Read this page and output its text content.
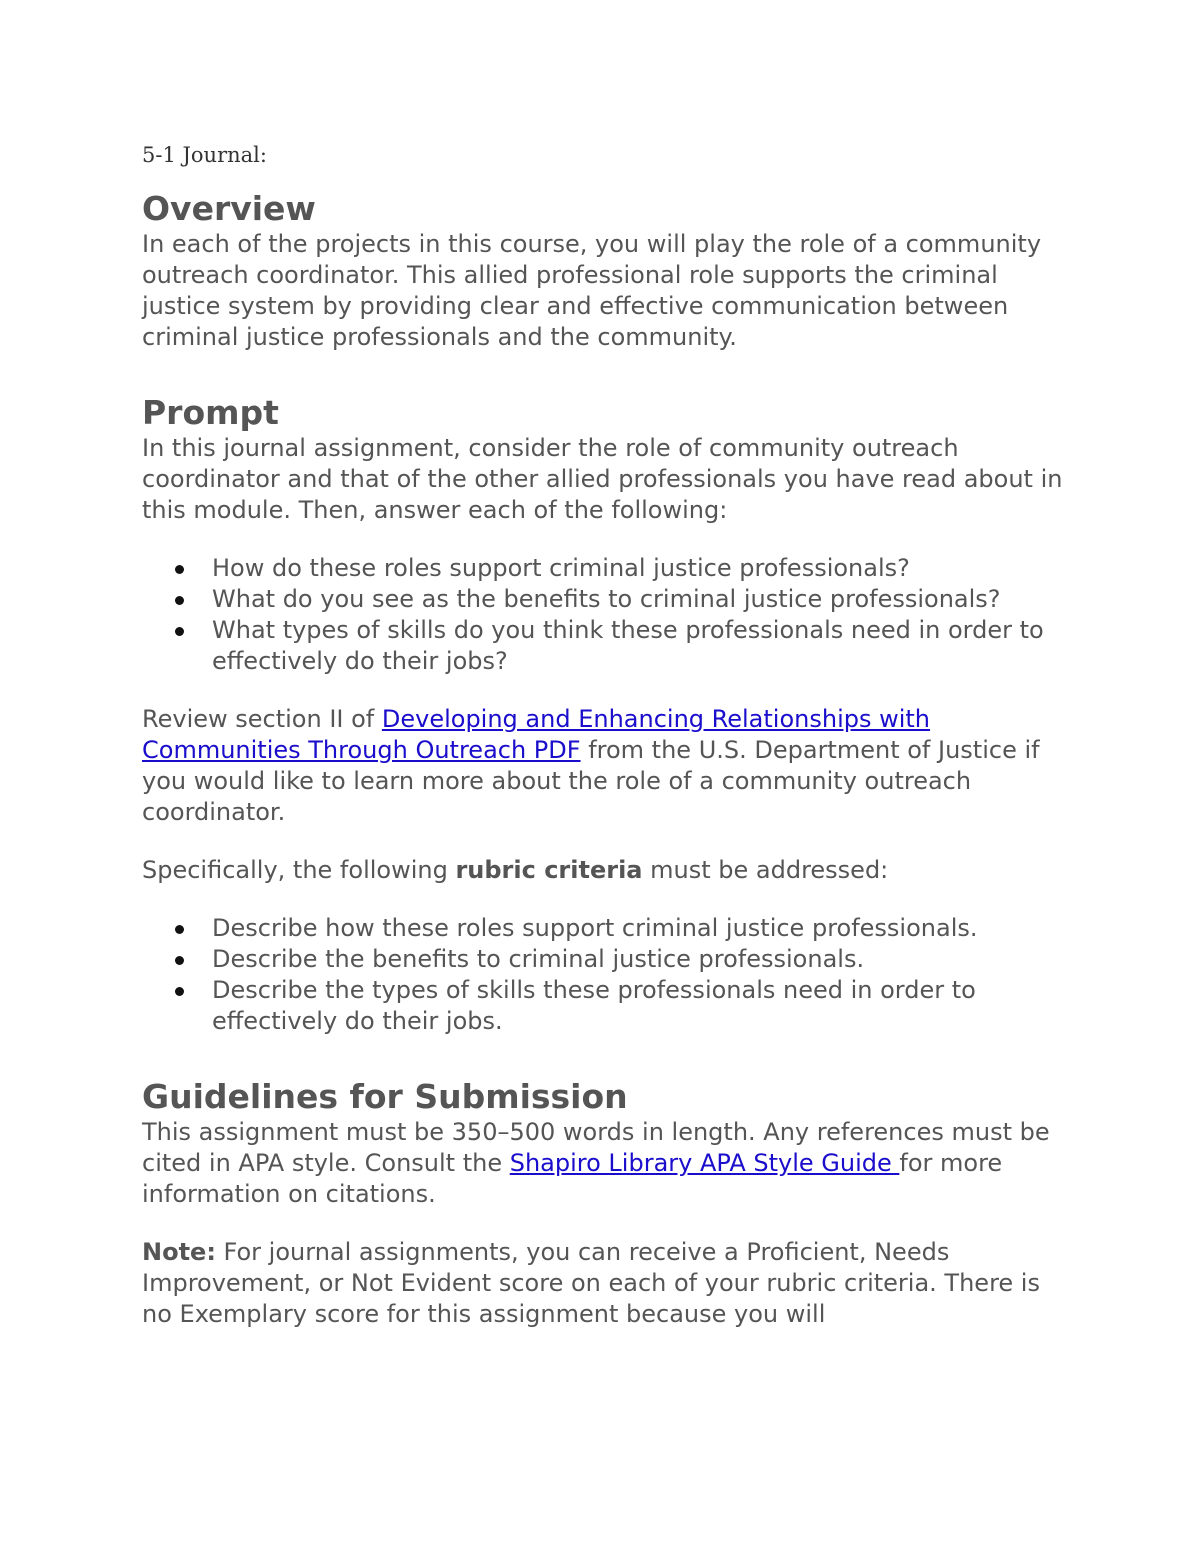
5-1 Journal:
Overview

In each of the projects in this course, you will play the role of a community outreach coordinator. This allied professional role supports the criminal justice system by providing clear and effective communication between criminal justice professionals and the community.

Prompt

In this journal assignment, consider the role of community outreach coordinator and that of the other allied professionals you have read about in this module. Then, answer each of the following:

How do these roles support criminal justice professionals?
What do you see as the benefits to criminal justice professionals?
What types of skills do you think these professionals need in order to effectively do their jobs?

Review section II of Developing and Enhancing Relationships with Communities Through Outreach PDF from the U.S. Department of Justice if you would like to learn more about the role of a community outreach coordinator.

Specifically, the following rubric criteria must be addressed:

Describe how these roles support criminal justice professionals.
Describe the benefits to criminal justice professionals.
Describe the types of skills these professionals need in order to effectively do their jobs.
Guidelines for Submission

This assignment must be 350–500 words in length. Any references must be cited in APA style. Consult the Shapiro Library APA Style Guide for more information on citations.

Note: For journal assignments, you can receive a Proficient, Needs Improvement, or Not Evident score on each of your rubric criteria. There is no Exemplary score for this assignment because you will
